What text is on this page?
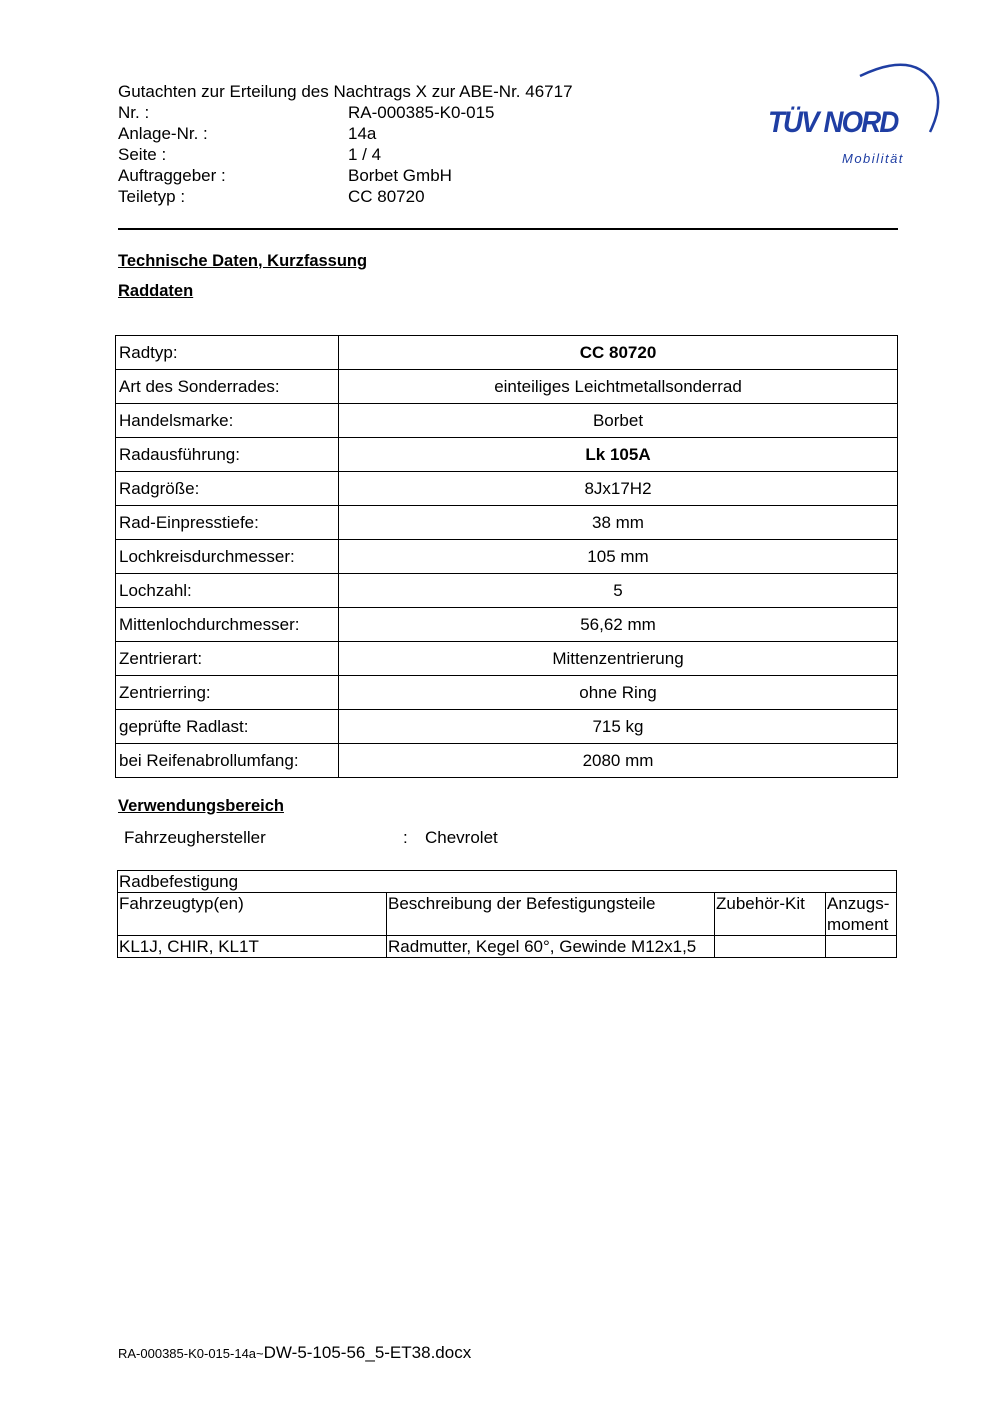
Gutachten zur Erteilung des Nachtrags X zur ABE-Nr. 46717
Nr. :	RA-000385-K0-015
Anlage-Nr. :	14a
Seite :	1 / 4
Auftraggeber :	Borbet GmbH
Teiletyp :	CC 80720
TÜV NORD
Mobilität
Technische Daten, Kurzfassung
Raddaten
Radtyp:	CC 80720
Art des Sonderrades:	einteiliges Leichtmetallsonderrad
Handelsmarke:	Borbet
Radausführung:	Lk 105A
Radgröße:	8Jx17H2
Rad-Einpresstiefe:	38 mm
Lochkreisdurchmesser:	105 mm
Lochzahl:	5
Mittenlochdurchmesser:	56,62 mm
Zentrierart:	Mittenzentrierung
Zentrierring:	ohne Ring
geprüfte Radlast:	715 kg
bei Reifenabrollumfang:	2080 mm
Verwendungsbereich
Fahrzeughersteller	:	Chevrolet
Radbefestigung			
Fahrzeugtyp(en)	Beschreibung der Befestigungsteile	Zubehör-Kit	Anzugs-
moment
KL1J, CHIR, KL1T	Radmutter, Kegel 60°, Gewinde M12x1,5		
RA-000385-K0-015-14a~DW-5-105-56_5-ET38.docx
